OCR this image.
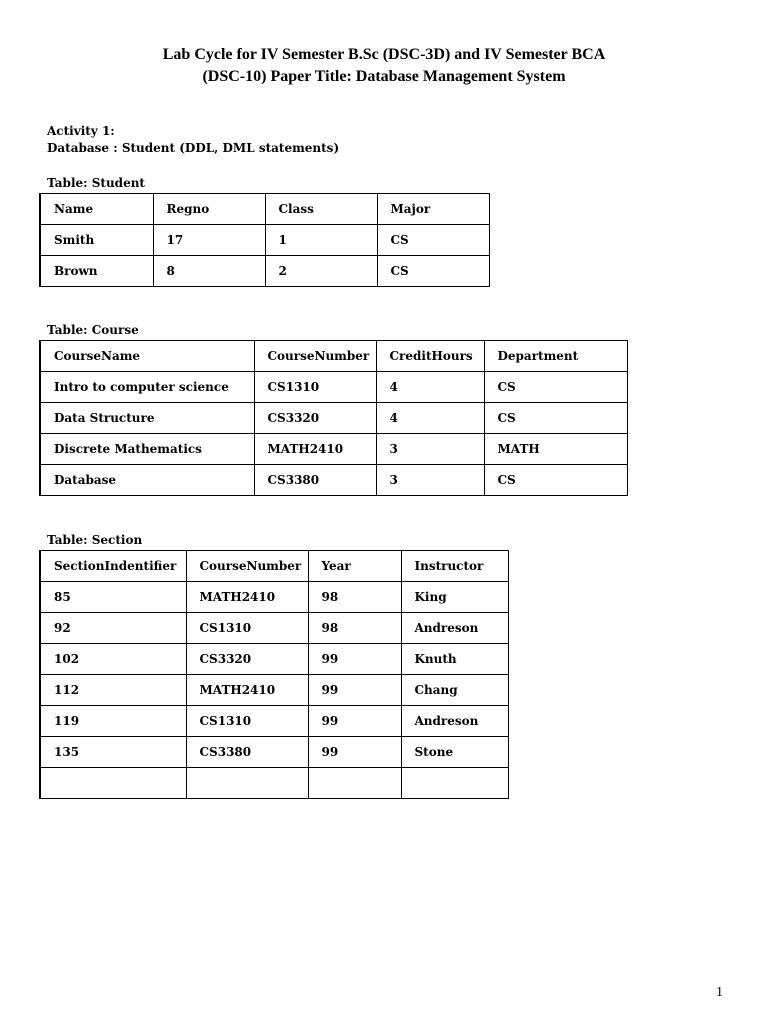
Lab Cycle for IV Semester B.Sc (DSC-3D) and IV Semester BCA
(DSC-10) Paper Title: Database Management System
Activity 1:
Database : Student (DDL, DML statements)
Table: Student
Name	Regno	Class	Major
Smith	17	1	CS
Brown	8	2	CS
Table: Course
CourseName	CourseNumber	CreditHours	Department
Intro to computer science	CS1310	4	CS
Data Structure	CS3320	4	CS
Discrete Mathematics	MATH2410	3	MATH
Database	CS3380	3	CS
Table: Section
SectionIndentifier	CourseNumber	Year	Instructor
85	MATH2410	98	King
92	CS1310	98	Andreson
102	CS3320	99	Knuth
112	MATH2410	99	Chang
119	CS1310	99	Andreson
135	CS3380	99	Stone

1
